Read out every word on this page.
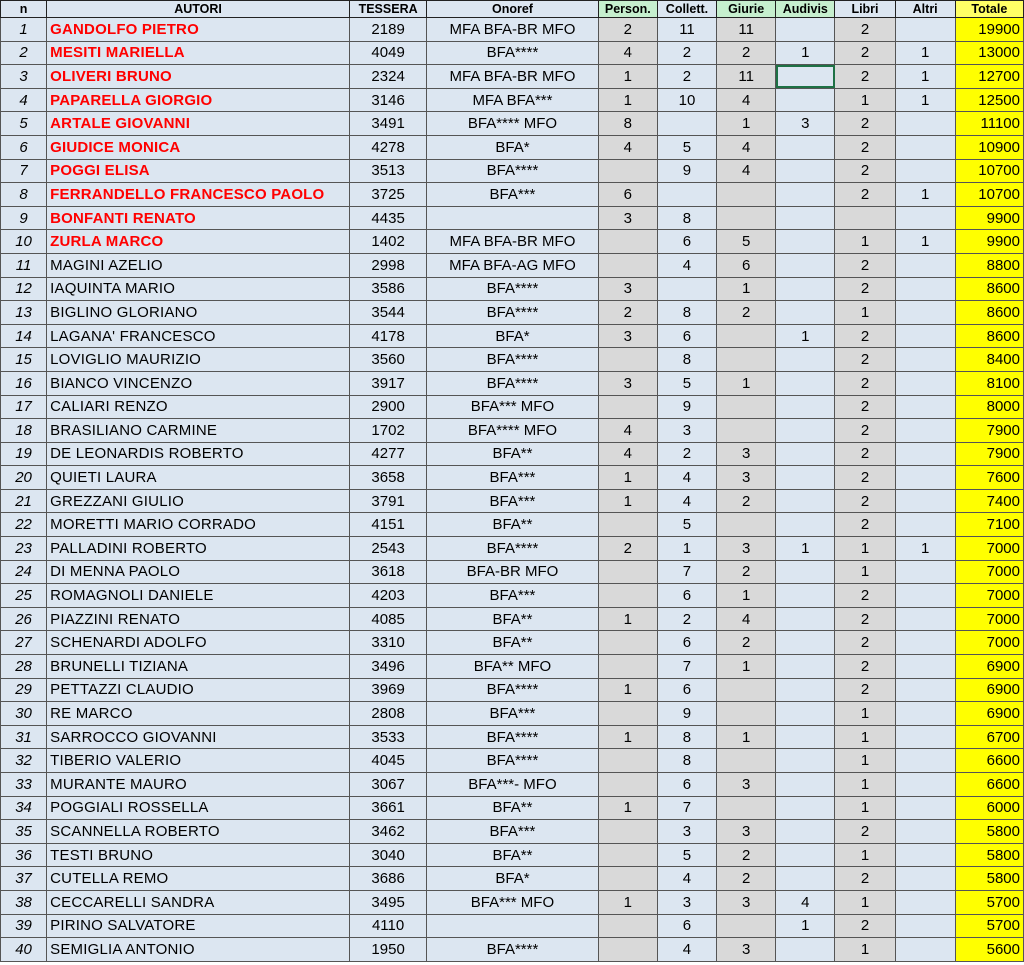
n	AUTORI	TESSERA	Onoref	Person.	Collett.	Giurie	Audivis	Libri	Altri	Totale
1	GANDOLFO PIETRO	2189	MFA BFA-BR MFO	2	11	11		2		19900
2	MESITI MARIELLA	4049	BFA****	4	2	2	1	2	1	13000
3	OLIVERI BRUNO	2324	MFA BFA-BR MFO	1	2	11		2	1	12700
4	PAPARELLA GIORGIO	3146	MFA BFA***	1	10	4		1	1	12500
5	ARTALE GIOVANNI	3491	BFA**** MFO	8		1	3	2		11100
6	GIUDICE MONICA	4278	BFA*	4	5	4		2		10900
7	POGGI ELISA	3513	BFA****		9	4		2		10700
8	FERRANDELLO FRANCESCO PAOLO	3725	BFA***	6				2	1	10700
9	BONFANTI RENATO	4435		3	8					9900
10	ZURLA MARCO	1402	MFA BFA-BR MFO		6	5		1	1	9900
11	MAGINI AZELIO	2998	MFA BFA-AG MFO		4	6		2		8800
12	IAQUINTA MARIO	3586	BFA****	3		1		2		8600
13	BIGLINO GLORIANO	3544	BFA****	2	8	2		1		8600
14	LAGANA' FRANCESCO	4178	BFA*	3	6		1	2		8600
15	LOVIGLIO MAURIZIO	3560	BFA****		8			2		8400
16	BIANCO VINCENZO	3917	BFA****	3	5	1		2		8100
17	CALIARI RENZO	2900	BFA*** MFO		9			2		8000
18	BRASILIANO CARMINE	1702	BFA**** MFO	4	3			2		7900
19	DE LEONARDIS ROBERTO	4277	BFA**	4	2	3		2		7900
20	QUIETI LAURA	3658	BFA***	1	4	3		2		7600
21	GREZZANI GIULIO	3791	BFA***	1	4	2		2		7400
22	MORETTI MARIO CORRADO	4151	BFA**		5			2		7100
23	PALLADINI ROBERTO	2543	BFA****	2	1	3	1	1	1	7000
24	DI MENNA PAOLO	3618	BFA-BR MFO		7	2		1		7000
25	ROMAGNOLI DANIELE	4203	BFA***		6	1		2		7000
26	PIAZZINI RENATO	4085	BFA**	1	2	4		2		7000
27	SCHENARDI ADOLFO	3310	BFA**		6	2		2		7000
28	BRUNELLI TIZIANA	3496	BFA** MFO		7	1		2		6900
29	PETTAZZI CLAUDIO	3969	BFA****	1	6			2		6900
30	RE MARCO	2808	BFA***		9			1		6900
31	SARROCCO GIOVANNI	3533	BFA****	1	8	1		1		6700
32	TIBERIO VALERIO	4045	BFA****		8			1		6600
33	MURANTE MAURO	3067	BFA***- MFO		6	3		1		6600
34	POGGIALI ROSSELLA	3661	BFA**	1	7			1		6000
35	SCANNELLA ROBERTO	3462	BFA***		3	3		2		5800
36	TESTI BRUNO	3040	BFA**		5	2		1		5800
37	CUTELLA REMO	3686	BFA*		4	2		2		5800
38	CECCARELLI SANDRA	3495	BFA*** MFO	1	3	3	4	1		5700
39	PIRINO SALVATORE	4110			6		1	2		5700
40	SEMIGLIA ANTONIO	1950	BFA****		4	3		1		5600
